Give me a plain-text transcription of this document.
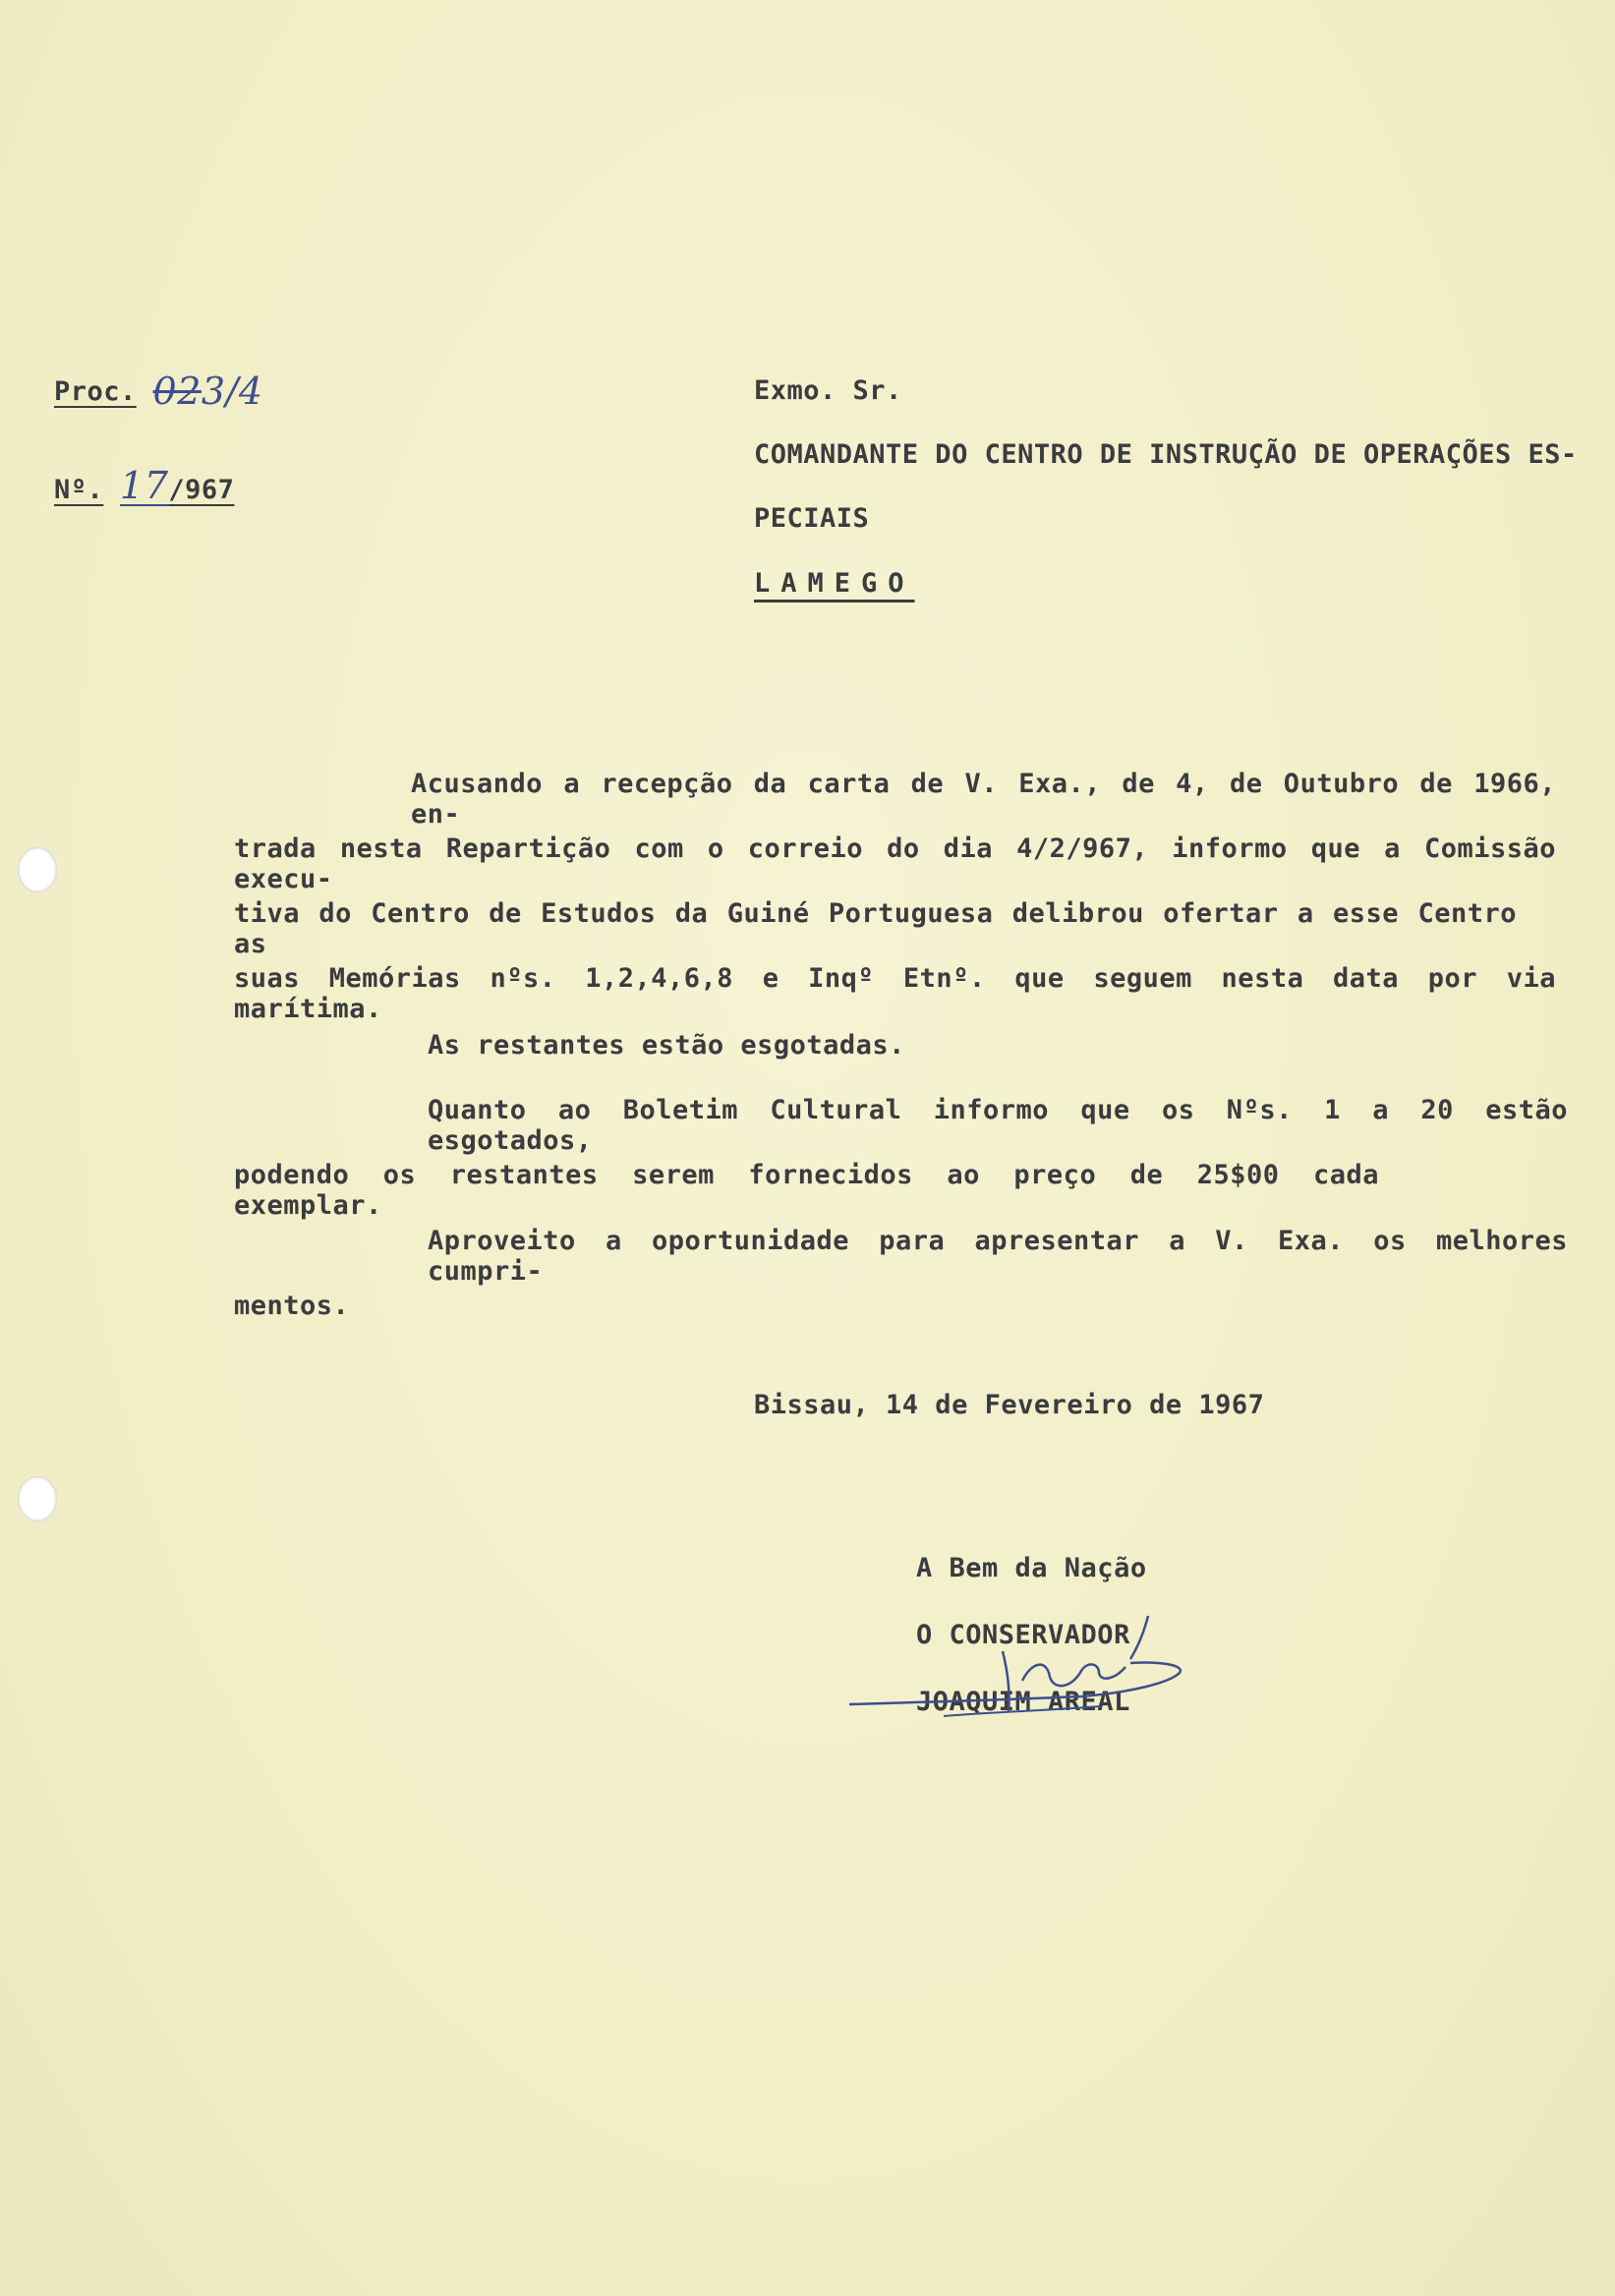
Proc. 023/4
Nº. 17/967
Exmo. Sr.
COMANDANTE DO CENTRO DE INSTRUÇÃO DE OPERAÇÕES ES-
PECIAIS
LAMEGO
Acusando a recepção da carta de V. Exa., de 4, de Outubro de 1966, en-
trada nesta Repartição com o correio do dia 4/2/967, informo que a Comissão execu-
tiva do Centro de Estudos da Guiné Portuguesa delibrou ofertar a esse Centro as
suas Memórias nºs. 1,2,4,6,8 e Inqº Etnº. que seguem nesta data por via marítima.
As restantes estão esgotadas.
Quanto ao Boletim Cultural informo que os Nºs. 1 a 20 estão esgotados,
podendo os restantes serem fornecidos ao preço de 25$00 cada exemplar.
Aproveito a oportunidade para apresentar a V. Exa. os melhores cumpri-
mentos.
Bissau, 14 de Fevereiro de 1967
A Bem da Nação
O CONSERVADOR
JOAQUIM AREAL
